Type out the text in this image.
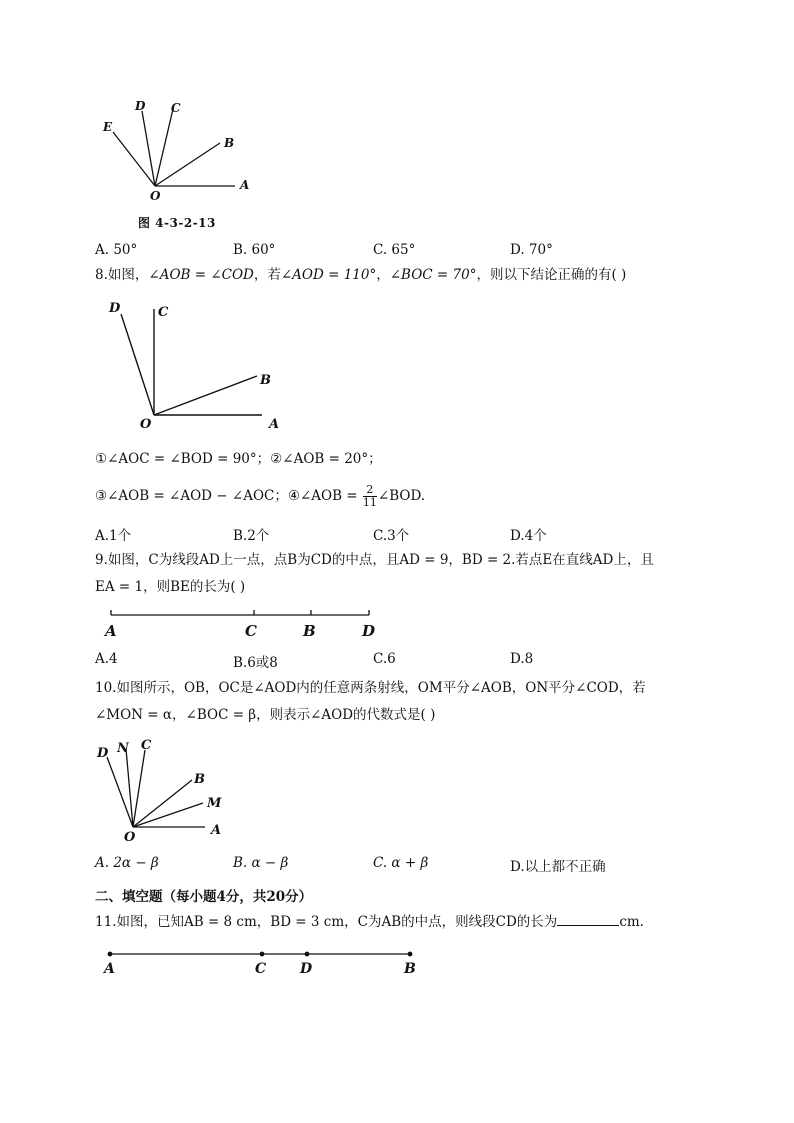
D C
E
B
O
A
图 4-3-2-13
A. 50°	B. 60°	C. 65°	D. 70°
8.如图，∠AOB = ∠COD，若∠AOD = 110°，∠BOC = 70°，则以下结论正确的有( )
D	C
B
O	A
①∠AOC = ∠BOD = 90°；②∠AOB = 20°；
③∠AOB = ∠AOD − ∠AOC；④∠AOB = $\frac{2}{11}$ ∠BOD.
A.1个	B.2个	C.3个	D.4个
9.如图，C为线段AD上一点，点B为CD的中点，且AD = 9，BD = 2.若点E在直线AD上，且
EA = 1，则BE的长为( )
A	C	B	D
A.4	B.6或8	C.6	D.8
10.如图所示，OB，OC是∠AOD内的任意两条射线，OM平分∠AOB，ON平分∠COD，若
∠MON = α，∠BOC = β，则表示∠AOD的代数式是( )
D N C
B
M
O	A
A. 2α − β	B. α − β	C. α + β	D.以上都不正确
二、填空题（每小题4分，共20分）
11.如图，已知AB = 8 cm，BD = 3 cm，C为AB的中点，则线段CD的长为	cm.
A	C D	B
